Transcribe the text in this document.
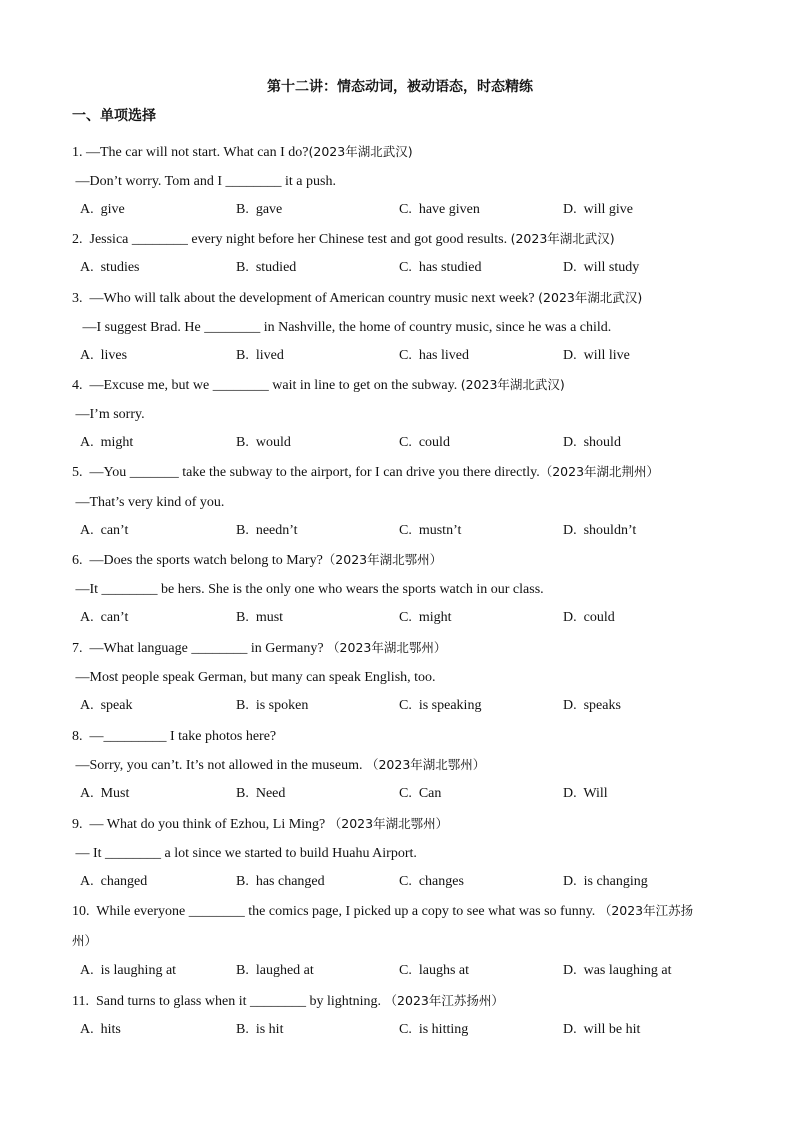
第十二讲：情态动词，被动语态，时态精练
一、单项选择
1. —The car will not start. What can I do?(2023年湖北武汉)
—Don’t worry. Tom and I ________ it a push.
A.  give	B.  gave	C.  have given	D.  will give
2.  Jessica ________ every night before her Chinese test and got good results. (2023年湖北武汉)
A.  studies	B.  studied	C.  has studied	D.  will study
3.  —Who will talk about the development of American country music next week? (2023年湖北武汉)
—I suggest Brad. He ________ in Nashville, the home of country music, since he was a child.
A.  lives	B.  lived	C.  has lived	D.  will live
4.  —Excuse me, but we ________ wait in line to get on the subway. (2023年湖北武汉)
—I’m sorry.
A.  might	B.  would	C.  could	D.  should
5.  —You _______ take the subway to the airport, for I can drive you there directly.（2023年湖北荆州）
—That’s very kind of you.
A.  can’t	B.  needn’t	C.  mustn’t	D.  shouldn’t
6.  —Does the sports watch belong to Mary?（2023年湖北鄂州）
—It ________ be hers. She is the only one who wears the sports watch in our class.
A.  can’t	B.  must	C.  might	D.  could
7.  —What language ________ in Germany? （2023年湖北鄂州）
—Most people speak German, but many can speak English, too.
A.  speak	B.  is spoken	C.  is speaking	D.  speaks
8.  —_________ I take photos here?
—Sorry, you can’t. It’s not allowed in the museum. （2023年湖北鄂州）
A.  Must	B.  Need	C.  Can	D.  Will
9.  — What do you think of Ezhou, Li Ming? （2023年湖北鄂州）
— It ________ a lot since we started to build Huahu Airport.
A.  changed	B.  has changed	C.  changes	D.  is changing
10.  While everyone ________ the comics page, I picked up a copy to see what was so funny. （2023年江苏扬
州）
A.  is laughing at	B.  laughed at	C.  laughs at	D.  was laughing at
11.  Sand turns to glass when it ________ by lightning. （2023年江苏扬州）
A.  hits	B.  is hit	C.  is hitting	D.  will be hit
